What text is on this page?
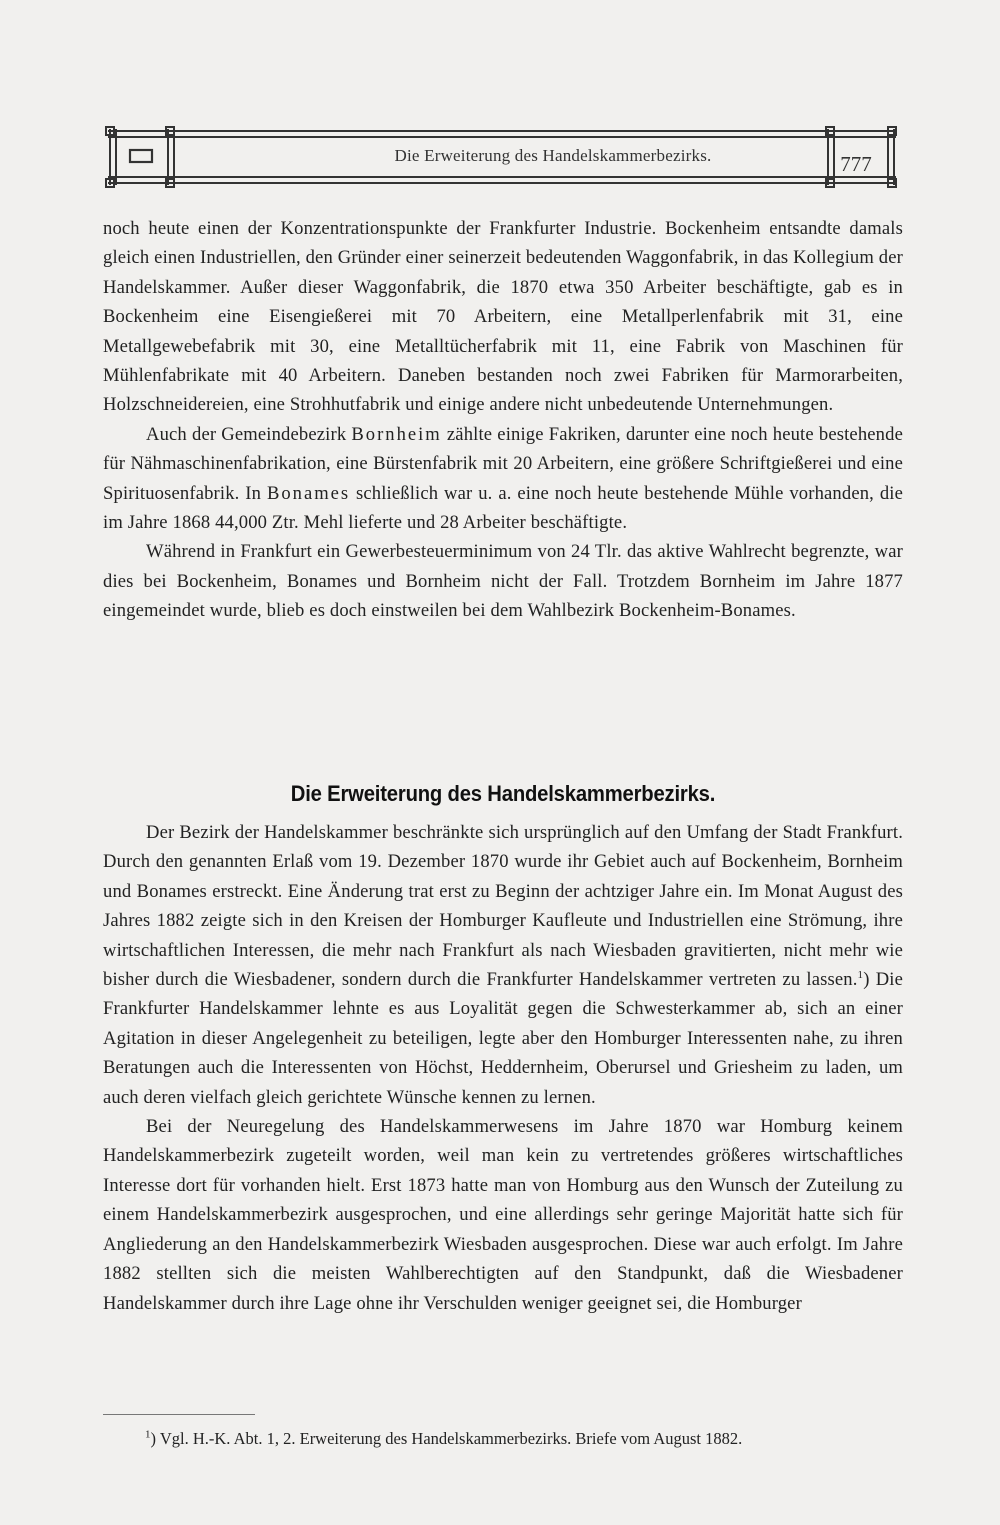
Die Erweiterung des Handelskammerbezirks.	777

noch heute einen der Konzentrationspunkte der Frankfurter Industrie. Bockenheim entsandte damals gleich einen Industriellen, den Gründer einer seinerzeit bedeutenden Waggonfabrik, in das Kollegium der Handelskammer. Außer dieser Waggonfabrik, die 1870 etwa 350 Arbeiter beschäftigte, gab es in Bockenheim eine Eisengießerei mit 70 Arbeitern, eine Metallperlenfabrik mit 31, eine Metallgewebefabrik mit 30, eine Metalltücherfabrik mit 11, eine Fabrik von Maschinen für Mühlenfabrikate mit 40 Arbeitern. Daneben bestanden noch zwei Fabriken für Marmorarbeiten, Holzschneidereien, eine Strohhutfabrik und einige andere nicht unbedeutende Unternehmungen.

Auch der Gemeindebezirk Bornheim zählte einige Fakriken, darunter eine noch heute bestehende für Nähmaschinenfabrikation, eine Bürstenfabrik mit 20 Arbeitern, eine größere Schriftgießerei und eine Spirituosenfabrik. In Bonames schließlich war u. a. eine noch heute bestehende Mühle vorhanden, die im Jahre 1868 44,000 Ztr. Mehl lieferte und 28 Arbeiter beschäftigte.

Während in Frankfurt ein Gewerbesteuerminimum von 24 Tlr. das aktive Wahlrecht begrenzte, war dies bei Bockenheim, Bonames und Bornheim nicht der Fall. Trotzdem Bornheim im Jahre 1877 eingemeindet wurde, blieb es doch einstweilen bei dem Wahlbezirk Bockenheim-Bonames.

Die Erweiterung des Handelskammerbezirks.

Der Bezirk der Handelskammer beschränkte sich ursprünglich auf den Umfang der Stadt Frankfurt. Durch den genannten Erlaß vom 19. Dezember 1870 wurde ihr Gebiet auch auf Bockenheim, Bornheim und Bonames erstreckt. Eine Änderung trat erst zu Beginn der achtziger Jahre ein. Im Monat August des Jahres 1882 zeigte sich in den Kreisen der Homburger Kaufleute und Industriellen eine Strömung, ihre wirtschaftlichen Interessen, die mehr nach Frankfurt als nach Wiesbaden gravitierten, nicht mehr wie bisher durch die Wiesbadener, sondern durch die Frankfurter Handelskammer vertreten zu lassen.$^1$) Die Frankfurter Handelskammer lehnte es aus Loyalität gegen die Schwesterkammer ab, sich an einer Agitation in dieser Angelegenheit zu beteiligen, legte aber den Homburger Interessenten nahe, zu ihren Beratungen auch die Interessenten von Höchst, Heddernheim, Oberursel und Griesheim zu laden, um auch deren vielfach gleich gerichtete Wünsche kennen zu lernen.

Bei der Neuregelung des Handelskammerwesens im Jahre 1870 war Homburg keinem Handelskammerbezirk zugeteilt worden, weil man kein zu vertretendes größeres wirtschaftliches Interesse dort für vorhanden hielt. Erst 1873 hatte man von Homburg aus den Wunsch der Zuteilung zu einem Handelskammerbezirk ausgesprochen, und eine allerdings sehr geringe Majorität hatte sich für Angliederung an den Handelskammerbezirk Wiesbaden ausgesprochen. Diese war auch erfolgt. Im Jahre 1882 stellten sich die meisten Wahlberechtigten auf den Standpunkt, daß die Wiesbadener Handelskammer durch ihre Lage ohne ihr Verschulden weniger geeignet sei, die Homburger

$^1$) Vgl. H.-K. Abt. 1, 2. Erweiterung des Handelskammerbezirks. Briefe vom August 1882.
